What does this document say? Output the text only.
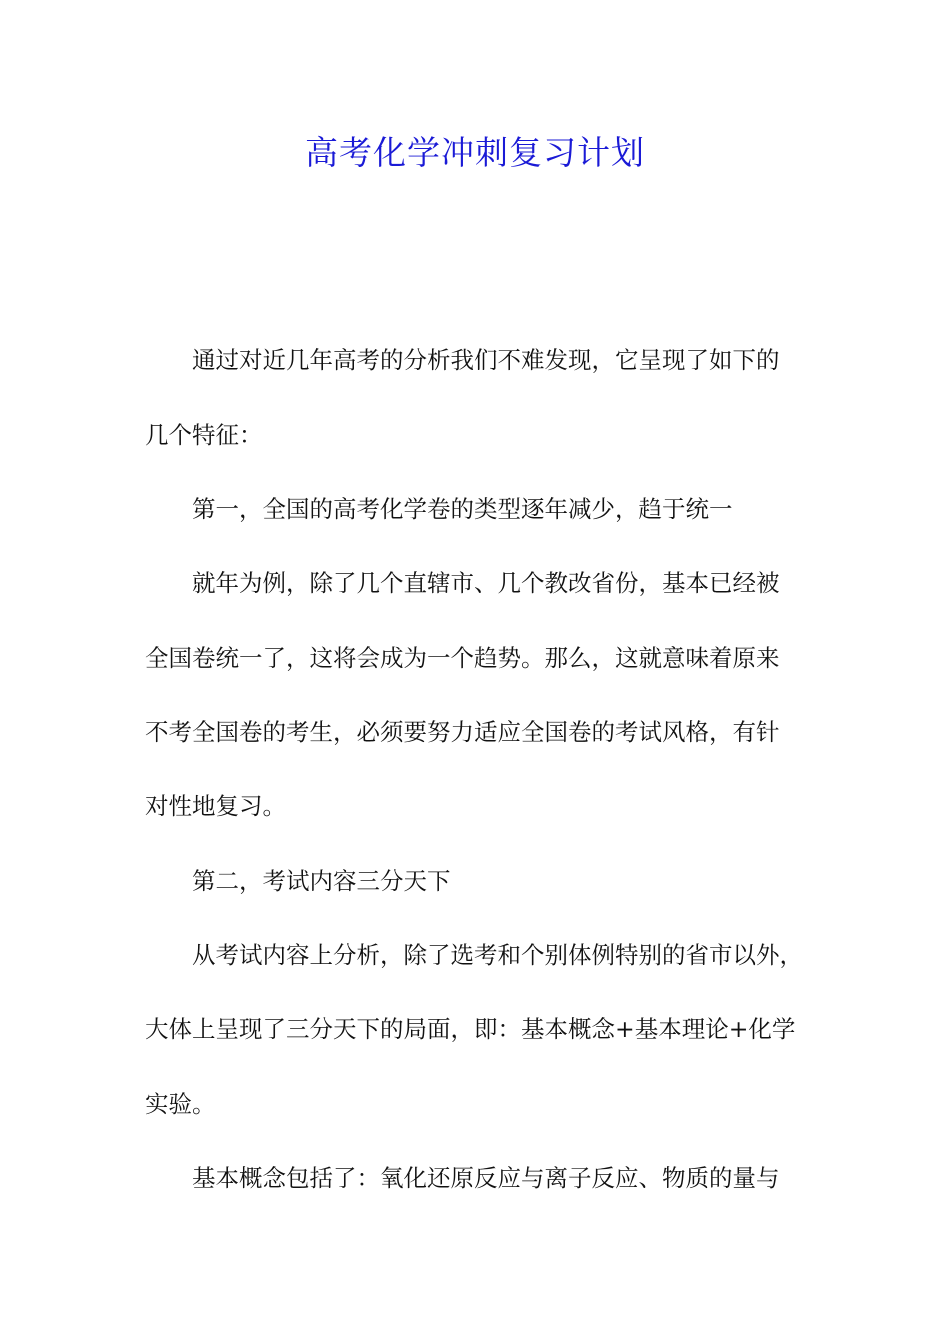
高考化学冲刺复习计划

通过对近几年高考的分析我们不难发现，它呈现了如下的

几个特征：

第一，全国的高考化学卷的类型逐年减少，趋于统一

就年为例，除了几个直辖市、几个教改省份，基本已经被

全国卷统一了，这将会成为一个趋势。那么，这就意味着原来

不考全国卷的考生，必须要努力适应全国卷的考试风格，有针

对性地复习。

第二，考试内容三分天下

从考试内容上分析，除了选考和个别体例特别的省市以外，

大体上呈现了三分天下的局面，即：基本概念+基本理论+化学

实验。

基本概念包括了：氧化还原反应与离子反应、物质的量与
